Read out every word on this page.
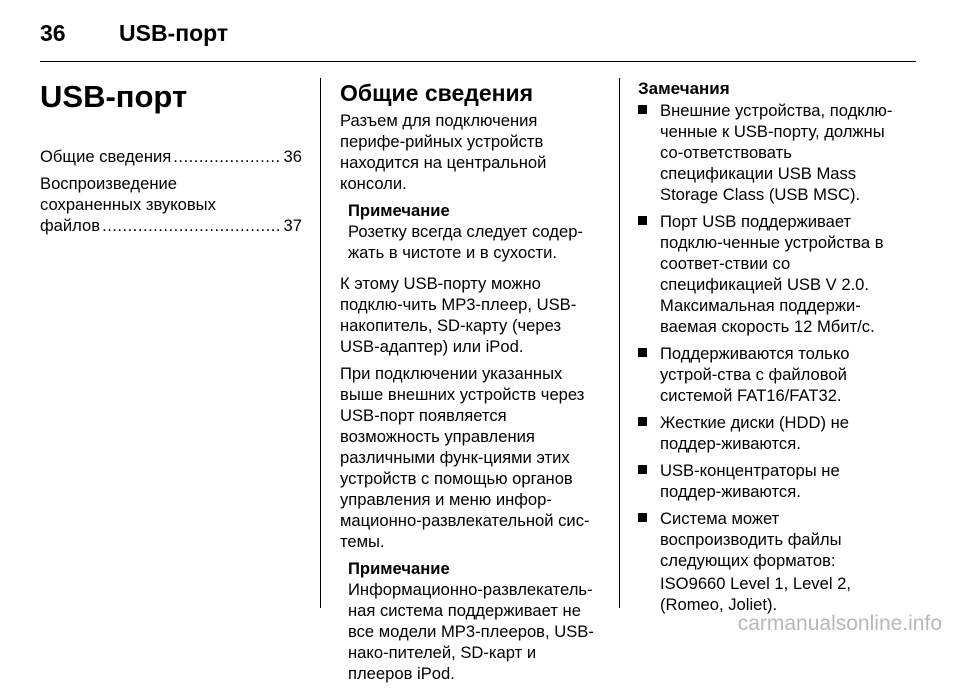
36 USB-порт
USB-порт
Общие сведения .....	36
Воспроизведение
сохраненных звуковых
файлов .....	37
Общие сведения

Разъем для подключения перифе-рийных устройств находится на центральной консоли.

Примечание
Розетку всегда следует содер-жать в чистоте и в сухости.

К этому USB-порту можно подклю-чить MP3-плеер, USB-накопитель, SD-карту (через USB-адаптер) или iPod.

При подключении указанных выше внешних устройств через USB-порт появляется возможность управления различными функ-циями этих устройств с помощью органов управления и меню инфор-мационно-развлекательной сис-темы.

Примечание
Информационно-развлекатель-ная система поддерживает не все модели MP3-плееров, USB-нако-пителей, SD-карт и плееров iPod.
Замечания
Внешние устройства, подклю-ченные к USB-порту, должны со-ответствовать спецификации USB Mass Storage Class (USB MSC).
Порт USB поддерживает подклю-ченные устройства в соответ-ствии со спецификацией USB V 2.0. Максимальная поддержи-ваемая скорость 12 Мбит/с.
Поддерживаются только устрой-ства с файловой системой FAT16/FAT32.
Жесткие диски (HDD) не поддер-живаются.
USB-концентраторы не поддер-живаются.
Система может воспроизводить файлы следующих форматов:
ISO9660 Level 1, Level 2, (Romeo, Joliet).
carmanualsonline.info
